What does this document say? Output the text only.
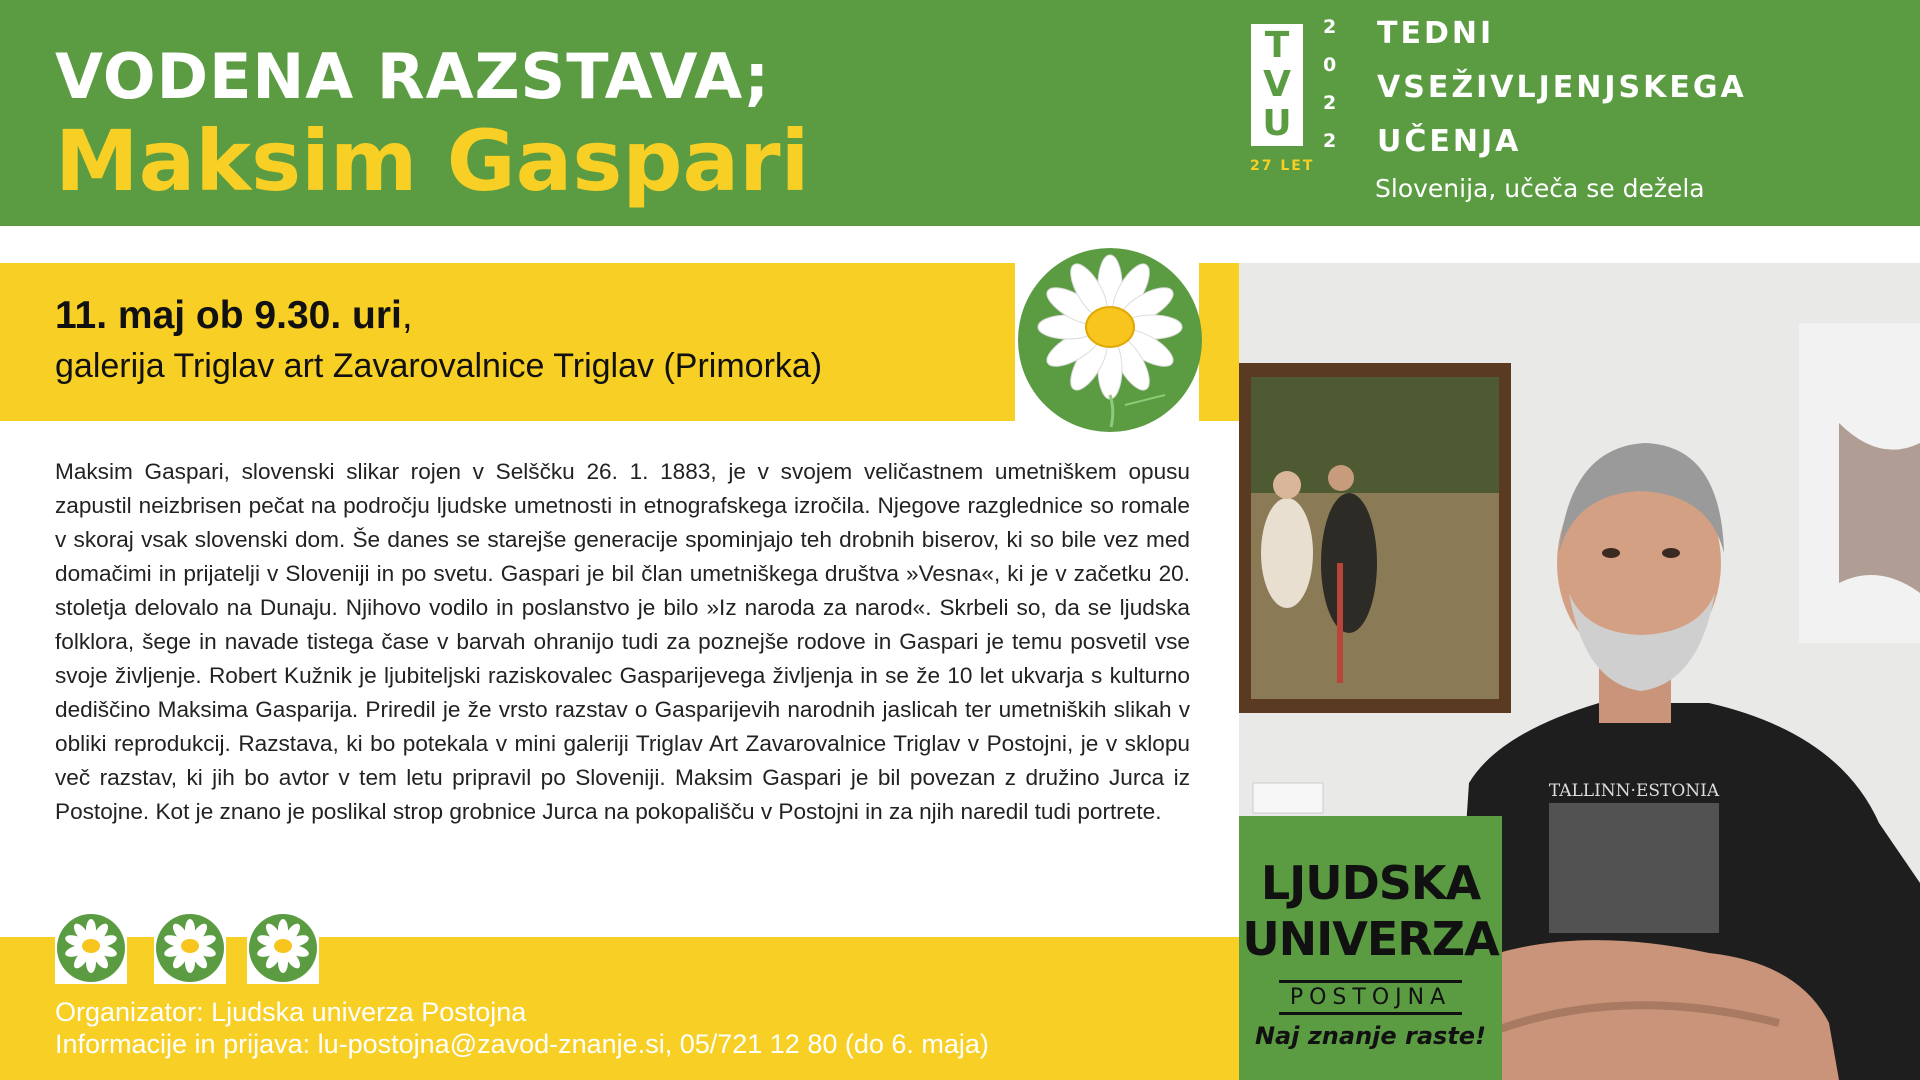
VODENA RAZSTAVA;
Maksim Gaspari
T
V
U
2
0
2
2
27 LET
TEDNI
VSEŽIVLJENJSKEGA
UČENJA
Slovenija, učeča se dežela
11. maj ob 9.30. uri,
galerija Triglav art Zavarovalnice Triglav (Primorka)
Maksim Gaspari, slovenski slikar rojen v Selščku 26. 1. 1883, je v svojem veličastnem umetniškem opusu zapustil neizbrisen pečat na področju ljudske umetnosti in etnografskega izročila. Njegove razglednice so romale v skoraj vsak slovenski dom. Še danes se starejše generacije spominjajo teh drobnih biserov, ki so bile vez med domačimi in prijatelji v Sloveniji in po svetu. Gaspari je bil član umetniškega društva »Vesna«, ki je v začetku 20. stoletja delovalo na Dunaju. Njihovo vodilo in poslanstvo je bilo »Iz naroda za narod«. Skrbeli so, da se ljudska folklora, šege in navade tistega čase v barvah ohranijo tudi za poznejše rodove in Gaspari je temu posvetil vse svoje življenje. Robert Kužnik je ljubiteljski raziskovalec Gasparijevega življenja in se že 10 let ukvarja s kulturno dediščino Maksima Gasparija. Priredil je že vrsto razstav o Gasparijevih narodnih jaslicah ter umetniških slikah v obliki reprodukcij. Razstava, ki bo potekala v mini galeriji Triglav Art Zavarovalnice Triglav v Postojni, je v sklopu več razstav, ki jih bo avtor v tem letu pripravil po Sloveniji. Maksim Gaspari je bil povezan z družino Jurca iz Postojne. Kot je znano je poslikal strop grobnice Jurca na pokopališču v Postojni in za njih naredil tudi portrete.
Organizator: Ljudska univerza Postojna
Informacije in prijava: lu-postojna@zavod-znanje.si, 05/721 12 80 (do 6. maja)
TALLINN·ESTONIA
LJUDSKA
UNIVERZA
POSTOJNA
Naj znanje raste!
